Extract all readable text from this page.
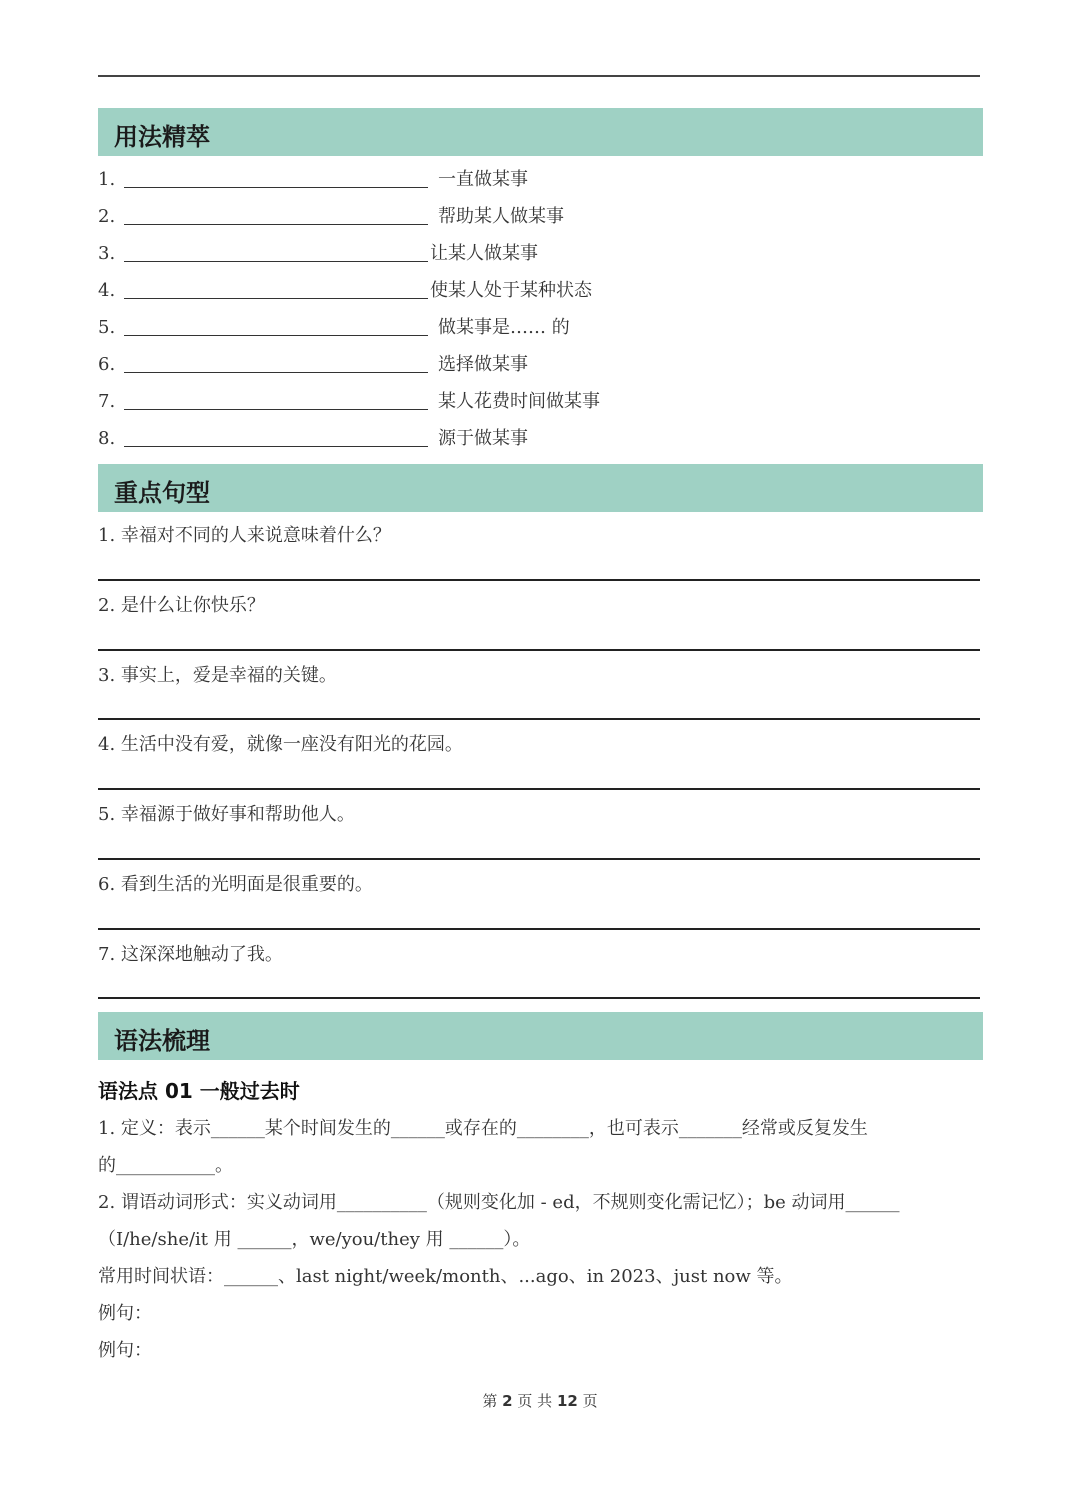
用法精萃
1.	一直做某事
2.	帮助某人做某事
3.	让某人做某事
4.	使某人处于某种状态
5.	做某事是…… 的
6.	选择做某事
7.	某人花费时间做某事
8.	源于做某事
重点句型
1. 幸福对不同的人来说意味着什么？
2. 是什么让你快乐？
3. 事实上，爱是幸福的关键。
4. 生活中没有爱，就像一座没有阳光的花园。
5. 幸福源于做好事和帮助他人。
6. 看到生活的光明面是很重要的。
7. 这深深地触动了我。
语法梳理
语法点 01 一般过去时
1. 定义：表示______某个时间发生的______或存在的________，也可表示_______经常或反复发生
的___________。
2. 谓语动词形式：实义动词用__________（规则变化加 - ed，不规则变化需记忆）；be 动词用______
（I/he/she/it 用 ______，we/you/they 用 ______）。
常用时间状语：______、last night/week/month、...ago、in 2023、just now 等。
例句：
例句：
第 2 页 共 12 页
